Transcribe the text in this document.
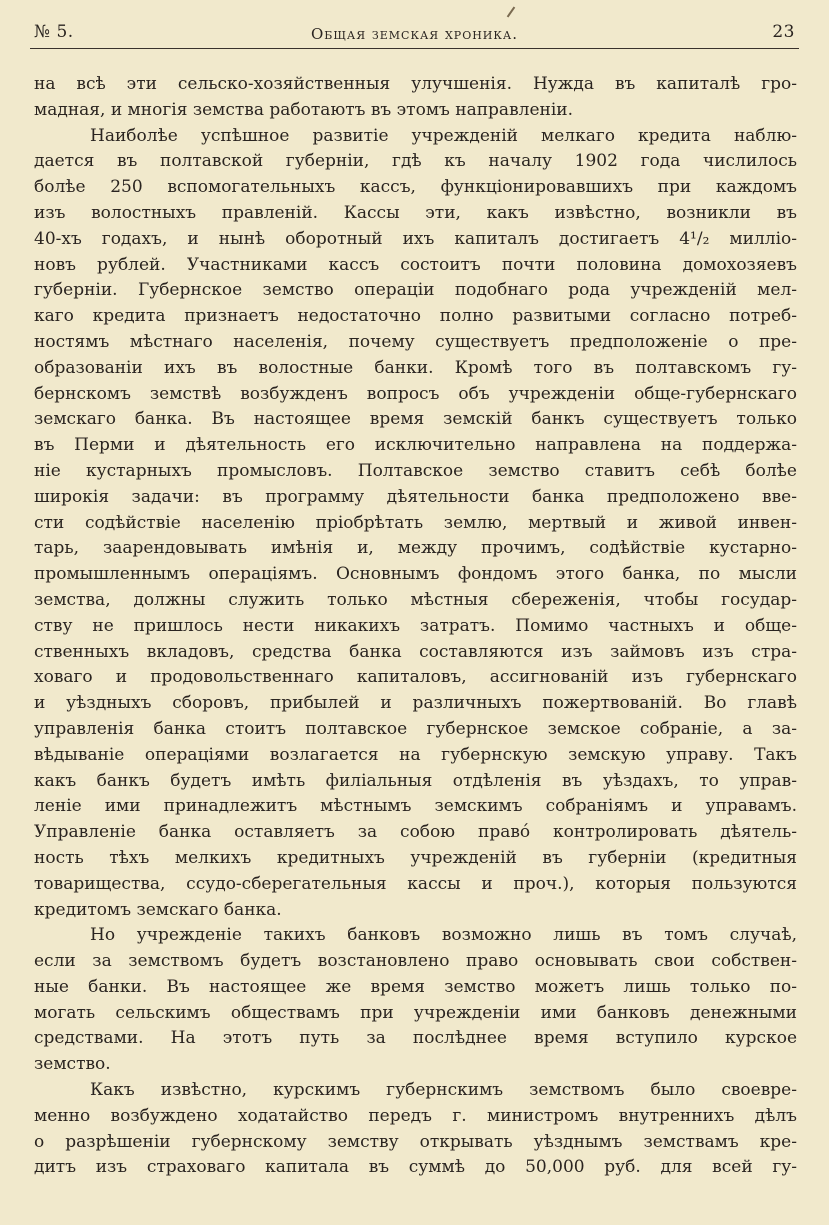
№ 5.	Общая земская хроника.	23
на всѣ эти сельско-хозяйственныя улучшенія. Нужда въ капиталѣ гро-
мадная, и многія земства работаютъ въ этомъ направленіи.
Наиболѣе успѣшное развитіе учрежденій мелкаго кредита наблю-
дается въ полтавской губерніи, гдѣ къ началу 1902 года числилось
болѣе 250 вспомогательныхъ кассъ, функціонировавшихъ при каждомъ
изъ волостныхъ правленій. Кассы эти, какъ извѣстно, возникли въ
40-хъ годахъ, и нынѣ оборотный ихъ капиталъ достигаетъ 4¹/₂ милліо-
новъ рублей. Участниками кассъ состоитъ почти половина домохозяевъ
губерніи. Губернское земство операціи подобнаго рода учрежденій мел-
каго кредита признаетъ недостаточно полно развитыми согласно потреб-
ностямъ мѣстнаго населенія, почему существуетъ предположеніе о пре-
образованіи ихъ въ волостные банки. Кромѣ того въ полтавскомъ гу-
бернскомъ земствѣ возбужденъ вопросъ объ учрежденіи обще-губернскаго
земскаго банка. Въ настоящее время земскій банкъ существуетъ только
въ Перми и дѣятельность его исключительно направлена на поддержа-
ніе кустарныхъ промысловъ. Полтавское земство ставитъ себѣ болѣе
широкія задачи: въ программу дѣятельности банка предположено вве-
сти содѣйствіе населенію пріобрѣтать землю, мертвый и живой инвен-
тарь, заарендовывать имѣнія и, между прочимъ, содѣйствіе кустарно-
промышленнымъ операціямъ. Основнымъ фондомъ этого банка, по мысли
земства, должны служить только мѣстныя сбереженія, чтобы государ-
ству не пришлось нести никакихъ затратъ. Помимо частныхъ и обще-
ственныхъ вкладовъ, средства банка составляются изъ займовъ изъ стра-
ховаго и продовольственнаго капиталовъ, ассигнованій изъ губернскаго
и уѣздныхъ сборовъ, прибылей и различныхъ пожертвованій. Во главѣ
управленія банка стоитъ полтавское губернское земское собраніе, а за-
вѣдываніе операціями возлагается на губернскую земскую управу. Такъ
какъ банкъ будетъ имѣть филіальныя отдѣленія въ уѣздахъ, то управ-
леніе ими принадлежитъ мѣстнымъ земскимъ собраніямъ и управамъ.
Управленіе банка оставляетъ за собою правó контролировать дѣятель-
ность тѣхъ мелкихъ кредитныхъ учрежденій въ губерніи (кредитныя
товарищества, ссудо-сберегательныя кассы и проч.), которыя пользуются
кредитомъ земскаго банка.
Но учрежденіе такихъ банковъ возможно лишь въ томъ случаѣ,
если за земствомъ будетъ возстановлено право основывать свои собствен-
ные банки. Въ настоящее же время земство можетъ лишь только по-
могать сельскимъ обществамъ при учрежденіи ими банковъ денежными
средствами. На этотъ путь за послѣднее время вступило курское
земство.
Какъ извѣстно, курскимъ губернскимъ земствомъ было своевре-
менно возбуждено ходатайство передъ г. министромъ внутреннихъ дѣлъ
о разрѣшеніи губернскому земству открывать уѣзднымъ земствамъ кре-
дитъ изъ страховаго капитала въ суммѣ до 50,000 руб. для всей гу-
